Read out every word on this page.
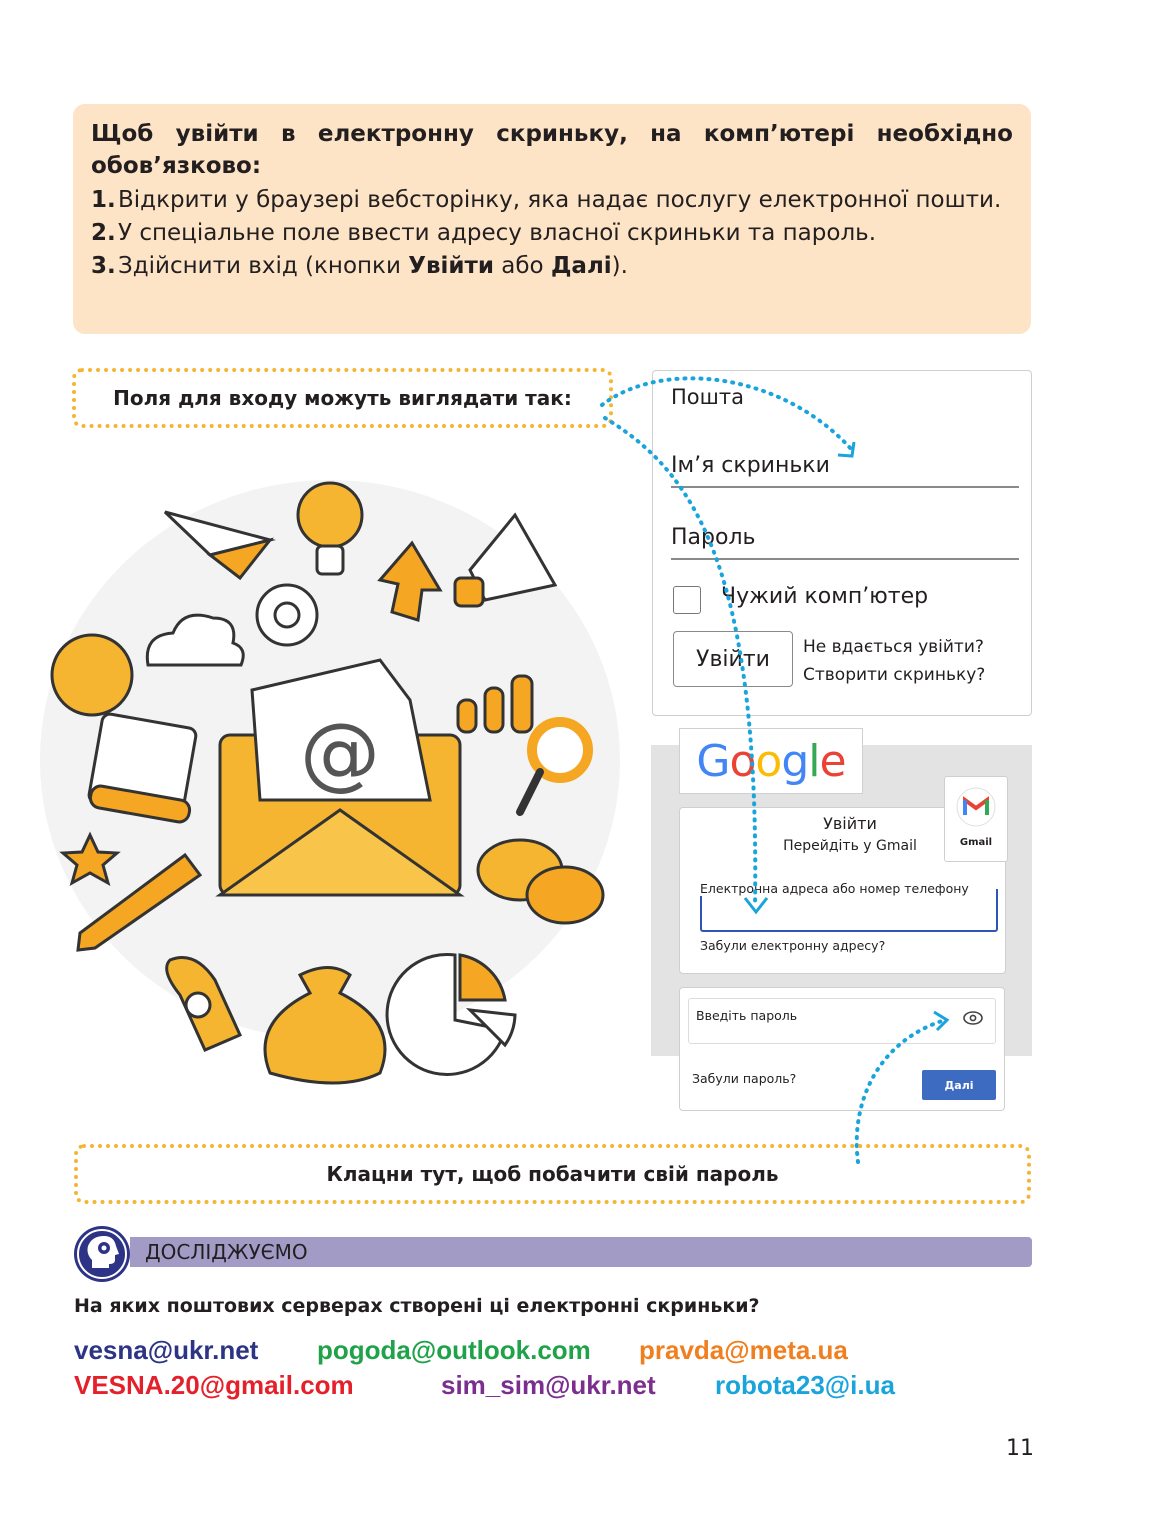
Щоб увійти в електронну скриньку, на комп’ютері необхідно обов’язково:

1. Відкрити у браузері вебсторінку, яка надає послугу електронної пошти.
2. У спеціальне поле ввести адресу власної скриньки та пароль.
3. Здійснити вхід (кнопки Увійти або Далі).
Поля для входу можуть виглядати так:
@
Пошта
Ім’я скриньки
Пароль
Чужий комп’ютер
Увійти	Не вдається увійти?
Створити скриньку?
G o o g l e
Увійти
Перейдіть у Gmail
Електронна адреса або номер телефону
Забули електронну адресу?
Gmail
Введіть пароль
Забули пароль?	Далі
Клацни тут, щоб побачити свій пароль
ДОСЛІДЖУЄМО
На яких поштових серверах створені ці електронні скриньки?
vesna@ukr.net pogoda@outlook.com pravda@meta.ua
VESNA.20@gmail.com	sim_sim@ukr.net robota23@i.ua
11
